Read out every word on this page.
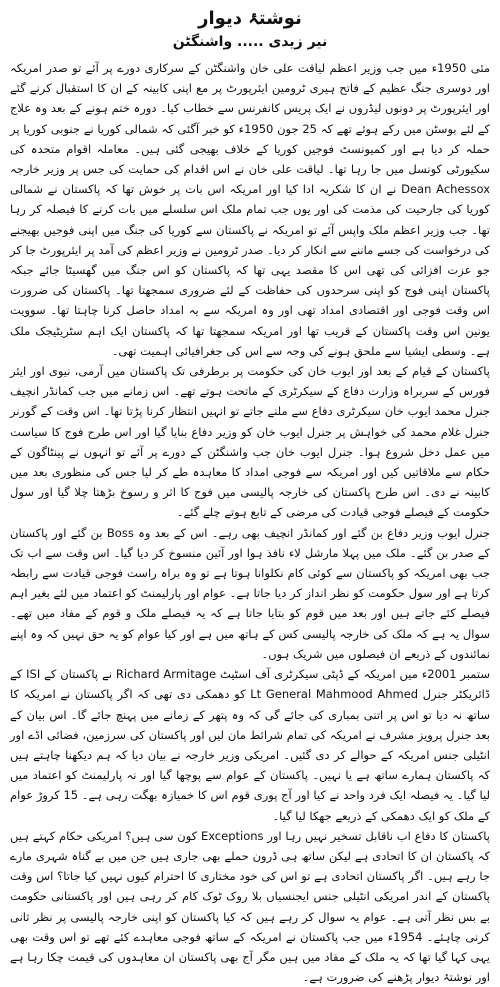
نوشتۂ دیوار
نیر زیدی ..... واشنگٹن

مئی 1950ء میں جب وزیر اعظم لیاقت علی خان واشنگٹن کے سرکاری دورے پر آئے تو صدر امریکہ اور دوسری جنگ عظیم کے فاتح ہیری ٹرومین ایئرپورٹ پر مع اپنی کابینہ کے ان کا استقبال کرنے گئے اور ایئرپورٹ پر دونوں لیڈروں نے ایک پریس کانفرنس سے خطاب کیا۔ دورہ ختم ہونے کے بعد وہ علاج کے لئے بوسٹن میں رکے ہوئے تھے کہ 25 جون 1950ء کو خبر آگئی کہ شمالی کوریا نے جنوبی کوریا پر حملہ کر دیا ہے اور کمیونسٹ فوجیں کوریا کے خلاف بھیجی گئی ہیں۔ معاملہ اقوام متحدہ کی سکیورٹی کونسل میں جا رہا تھا۔ لیاقت علی خان نے اس اقدام کی حمایت کی جس پر وزیر خارجہ Dean Achessox نے ان کا شکریہ ادا کیا اور امریکہ اس بات پر خوش تھا کہ پاکستان نے شمالی کوریا کی جارحیت کی مذمت کی اور یوں جب تمام ملک اس سلسلے میں بات کرنے کا فیصلہ کر رہا تھا۔ جب وزیر اعظم ملک واپس آئے تو امریکہ نے پاکستان سے کوریا کی جنگ میں اپنی فوجیں بھیجنے کی درخواست کی جسے ماننے سے انکار کر دیا۔ صدر ٹرومین نے وزیر اعظم کی آمد پر ایئرپورٹ جا کر جو عزت افزائی کی تھی اس کا مقصد یہی تھا کہ پاکستان کو اس جنگ میں گھسیٹا جائے جبکہ پاکستان اپنی فوج کو اپنی سرحدوں کی حفاظت کے لئے ضروری سمجھتا تھا۔ پاکستان کی ضرورت اس وقت فوجی اور اقتصادی امداد تھی اور وہ امریکہ سے یہ امداد حاصل کرنا چاہتا تھا۔ سوویت یونین اس وقت پاکستان کے قریب تھا اور امریکہ سمجھتا تھا کہ پاکستان ایک اہم سٹریٹیجک ملک ہے۔ وسطی ایشیا سے ملحق ہونے کی وجہ سے اس کی جغرافیائی اہمیت تھی۔

پاکستان کے قیام کے بعد اور ایوب خان کی حکومت پر برطرفی تک پاکستان میں آرمی، نیوی اور ایئر فورس کے سربراہ وزارت دفاع کے سیکرٹری کے ماتحت ہوتے تھے۔ اس زمانے میں جب کمانڈر انچیف جنرل محمد ایوب خان سیکرٹری دفاع سے ملنے جاتے تو انہیں انتظار کرنا پڑتا تھا۔ اس وقت کے گورنر جنرل غلام محمد کی خواہش پر جنرل ایوب خان کو وزیر دفاع بنایا گیا اور اس طرح فوج کا سیاست میں عمل دخل شروع ہوا۔ جنرل ایوب خان جب واشنگٹن کے دورے پر آئے تو انہوں نے پینٹاگون کے حکام سے ملاقاتیں کیں اور امریکہ سے فوجی امداد کا معاہدہ طے کر لیا جس کی منظوری بعد میں کابینہ نے دی۔ اس طرح پاکستان کی خارجہ پالیسی میں فوج کا اثر و رسوخ بڑھتا چلا گیا اور سول حکومت کے فیصلے فوجی قیادت کی مرضی کے تابع ہوتے چلے گئے۔

جنرل ایوب وزیر دفاع بن گئے اور کمانڈر انچیف بھی رہے۔ اس کے بعد وہ Boss بن گئے اور پاکستان کے صدر بن گئے۔ ملک میں پہلا مارشل لاء نافذ ہوا اور آئین منسوخ کر دیا گیا۔ اس وقت سے اب تک جب بھی امریکہ کو پاکستان سے کوئی کام نکلوانا ہوتا ہے تو وہ براہ راست فوجی قیادت سے رابطہ کرتا ہے اور سول حکومت کو نظر انداز کر دیا جاتا ہے۔ عوام اور پارلیمنٹ کو اعتماد میں لئے بغیر اہم فیصلے کئے جاتے ہیں اور بعد میں قوم کو بتایا جاتا ہے کہ یہ فیصلے ملک و قوم کے مفاد میں تھے۔ سوال یہ ہے کہ ملک کی خارجہ پالیسی کس کے ہاتھ میں ہے اور کیا عوام کو یہ حق نہیں کہ وہ اپنے نمائندوں کے ذریعے ان فیصلوں میں شریک ہوں۔

ستمبر 2001ء میں امریکہ کے ڈپٹی سیکرٹری آف اسٹیٹ Richard Armitage نے پاکستان کے ISI کے ڈائریکٹر جنرل Lt General Mahmood Ahmed کو دھمکی دی تھی کہ اگر پاکستان نے امریکہ کا ساتھ نہ دیا تو اس پر اتنی بمباری کی جائے گی کہ وہ پتھر کے زمانے میں پہنچ جائے گا۔ اس بیان کے بعد جنرل پرویز مشرف نے امریکہ کی تمام شرائط مان لیں اور پاکستان کی سرزمین، فضائی اڈے اور انٹیلی جنس امریکہ کے حوالے کر دی گئیں۔ امریکی وزیر خارجہ نے بیان دیا کہ ہم دیکھنا چاہتے ہیں کہ پاکستان ہمارے ساتھ ہے یا نہیں۔ پاکستان کے عوام سے پوچھا گیا اور نہ پارلیمنٹ کو اعتماد میں لیا گیا۔ یہ فیصلہ ایک فرد واحد نے کیا اور آج پوری قوم اس کا خمیازہ بھگت رہی ہے۔ 15 کروڑ عوام کے ملک کو ایک دھمکی کے ذریعے جھکا لیا گیا۔

پاکستان کا دفاع اب ناقابل تسخیر نہیں رہا اور Exceptions کون سی ہیں؟ امریکی حکام کہتے ہیں کہ پاکستان ان کا اتحادی ہے لیکن ساتھ ہی ڈرون حملے بھی جاری ہیں جن میں بے گناہ شہری مارے جا رہے ہیں۔ اگر پاکستان اتحادی ہے تو اس کی خود مختاری کا احترام کیوں نہیں کیا جاتا؟ اس وقت پاکستان کے اندر امریکی انٹیلی جنس ایجنسیاں بلا روک ٹوک کام کر رہی ہیں اور پاکستانی حکومت بے بس نظر آتی ہے۔ عوام یہ سوال کر رہے ہیں کہ کیا پاکستان کو اپنی خارجہ پالیسی پر نظر ثانی کرنی چاہئے۔ 1954ء میں جب پاکستان نے امریکہ کے ساتھ فوجی معاہدے کئے تھے تو اس وقت بھی یہی کہا گیا تھا کہ یہ ملک کے مفاد میں ہیں مگر آج بھی پاکستان ان معاہدوں کی قیمت چکا رہا ہے اور نوشتۂ دیوار پڑھنے کی ضرورت ہے۔
